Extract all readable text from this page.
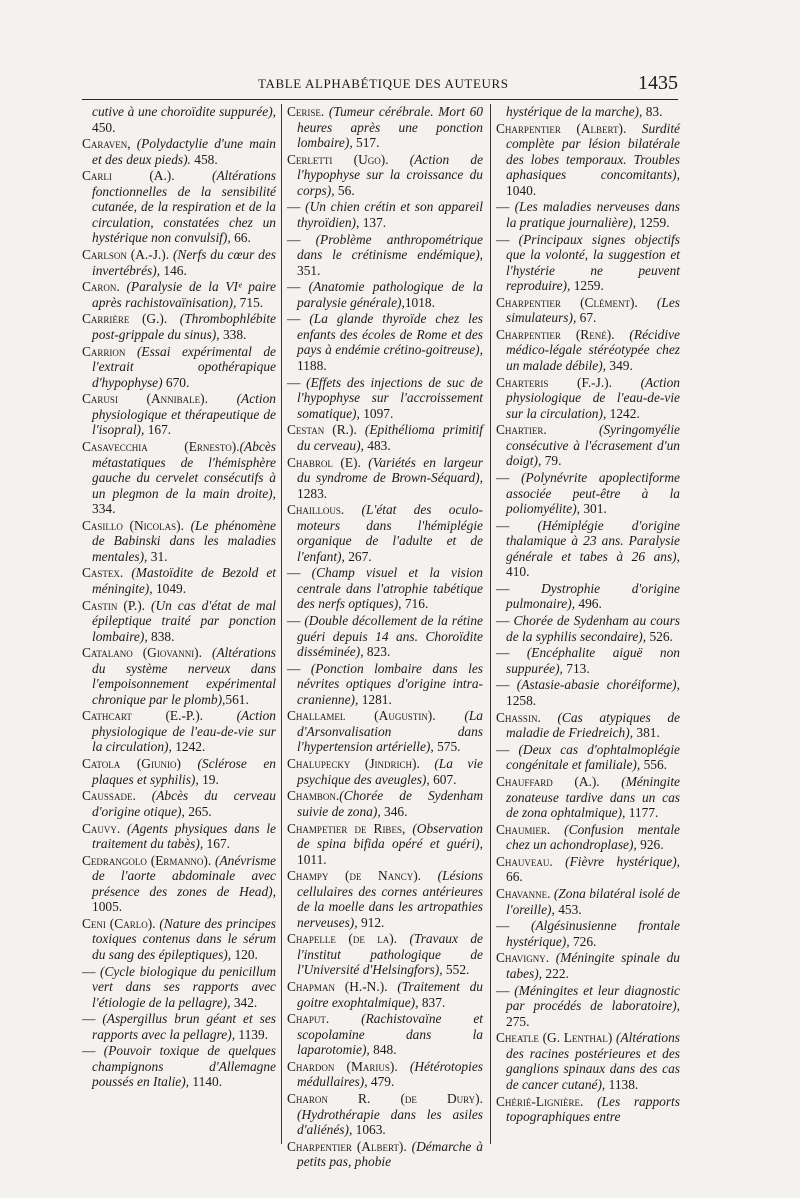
TABLE ALPHABÉTIQUE DES AUTEURS	1435

cutive à une choroïdite suppurée), 450.

Caraven, (Polydactylie d'une main et des deux pieds). 458.

Carli (A.). (Altérations fonctionnelles de la sensibilité cutanée, de la respiration et de la circulation, constatées chez un hystérique non convulsif), 66.

Carlson (A.-J.). (Nerfs du cœur des invertébrés), 146.

Caron. (Paralysie de la VIᵉ paire après rachistovaïnisation), 715.

Carrière (G.). (Thrombophlébite post-grippale du sinus), 338.

Carrion (Essai expérimental de l'extrait opothérapique d'hypophyse) 670.

Carusi (Annibale). (Action physiologique et thérapeutique de l'isopral), 167.

Casavecchia (Ernesto).(Abcès métastatiques de l'hémisphère gauche du cervelet consécutifs à un plegmon de la main droite), 334.

Casillo (Nicolas). (Le phénomène de Babinski dans les maladies mentales), 31.

Castex. (Mastoïdite de Bezold et méningite), 1049.

Castin (P.). (Un cas d'état de mal épileptique traité par ponction lombaire), 838.

Catalano (Giovanni). (Altérations du système nerveux dans l'empoisonnement expérimental chronique par le plomb),561.

Cathcart (E.-P.). (Action physiologique de l'eau-de-vie sur la circulation), 1242.

Catola (Giunio) (Sclérose en plaques et syphilis), 19.

Caussade. (Abcès du cerveau d'origine otique), 265.

Cauvy. (Agents physiques dans le traitement du tabès), 167.

Cedrangolo (Ermanno). (Anévrisme de l'aorte abdominale avec présence des zones de Head), 1005.

Ceni (Carlo). (Nature des principes toxiques contenus dans le sérum du sang des épileptiques), 120.

— (Cycle biologique du penicillum vert dans ses rapports avec l'étiologie de la pellagre), 342.

— (Aspergillus brun géant et ses rapports avec la pellagre), 1139.

— (Pouvoir toxique de quelques champignons d'Allemagne poussés en Italie), 1140.

Cerise. (Tumeur cérébrale. Mort 60 heures après une ponction lombaire), 517.

Cerletti (Ugo). (Action de l'hypophyse sur la croissance du corps), 56.

— (Un chien crétin et son appareil thyroïdien), 137.

— (Problème anthropométrique dans le crétinisme endémique), 351.

— (Anatomie pathologique de la paralysie générale),1018.

— (La glande thyroïde chez les enfants des écoles de Rome et des pays à endémie crétino-goitreuse), 1188.

— (Effets des injections de suc de l'hypophyse sur l'accroissement somatique), 1097.

Cestan (R.). (Epithélioma primitif du cerveau), 483.

Chabrol (E). (Variétés en largeur du syndrome de Brown-Séquard), 1283.

Chaillous. (L'état des oculo-moteurs dans l'hémiplégie organique de l'adulte et de l'enfant), 267.

— (Champ visuel et la vision centrale dans l'atrophie tabétique des nerfs optiques), 716.

— (Double décollement de la rétine guéri depuis 14 ans. Choroïdite disséminée), 823.

— (Ponction lombaire dans les névrites optiques d'origine intra-cranienne), 1281.

Challamel (Augustin). (La d'Arsonvalisation dans l'hypertension artérielle), 575.

Chalupecky (Jindrich). (La vie psychique des aveugles), 607.

Chambon.(Chorée de Sydenham suivie de zona), 346.

Champetier de Ribes, (Observation de spina bifida opéré et guéri), 1011.

Champy (de Nancy). (Lésions cellulaires des cornes antérieures de la moelle dans les artropathies nerveuses), 912.

Chapelle (de la). (Travaux de l'institut pathologique de l'Université d'Helsingfors), 552.

Chapman (H.-N.). (Traitement du goitre exophtalmique), 837.

Chaput. (Rachistovaïne et scopolamine dans la laparotomie), 848.

Chardon (Marius). (Hétérotopies médullaires), 479.

Charon R. (de Dury). (Hydrothérapie dans les asiles d'aliénés), 1063.

Charpentier (Albert). (Démarche à petits pas, phobie

hystérique de la marche), 83.

Charpentier (Albert). Surdité complète par lésion bilatérale des lobes temporaux. Troubles aphasiques concomitants), 1040.

— (Les maladies nerveuses dans la pratique journalière), 1259.

— (Principaux signes objectifs que la volonté, la suggestion et l'hystérie ne peuvent reproduire), 1259.

Charpentier (Clément). (Les simulateurs), 67.

Charpentier (René). (Récidive médico-légale stéréotypée chez un malade débile), 349.

Charteris (F.-J.). (Action physiologique de l'eau-de-vie sur la circulation), 1242.

Chartier. (Syringomyélie consécutive à l'écrasement d'un doigt), 79.

— (Polynévrite apoplectiforme associée peut-être à la poliomyélite), 301.

— (Hémiplégie d'origine thalamique à 23 ans. Paralysie générale et tabes à 26 ans), 410.

— Dystrophie d'origine pulmonaire), 496.

— Chorée de Sydenham au cours de la syphilis secondaire), 526.

— (Encéphalite aiguë non suppurée), 713.

— (Astasie-abasie choréiforme), 1258.

Chassin. (Cas atypiques de maladie de Friedreich), 381.

— (Deux cas d'ophtalmoplégie congénitale et familiale), 556.

Chauffard (A.). (Méningite zonateuse tardive dans un cas de zona ophtalmique), 1177.

Chaumier. (Confusion mentale chez un achondroplase), 926.

Chauveau. (Fièvre hystérique), 66.

Chavanne. (Zona bilatéral isolé de l'oreille), 453.

— (Algésinusienne frontale hystérique), 726.

Chavigny. (Méningite spinale du tabes), 222.

— (Méningites et leur diagnostic par procédés de laboratoire), 275.

Cheatle (G. Lenthal) (Altérations des racines postérieures et des ganglions spinaux dans des cas de cancer cutané), 1138.

Chérié-Lignière. (Les rapports topographiques entre
